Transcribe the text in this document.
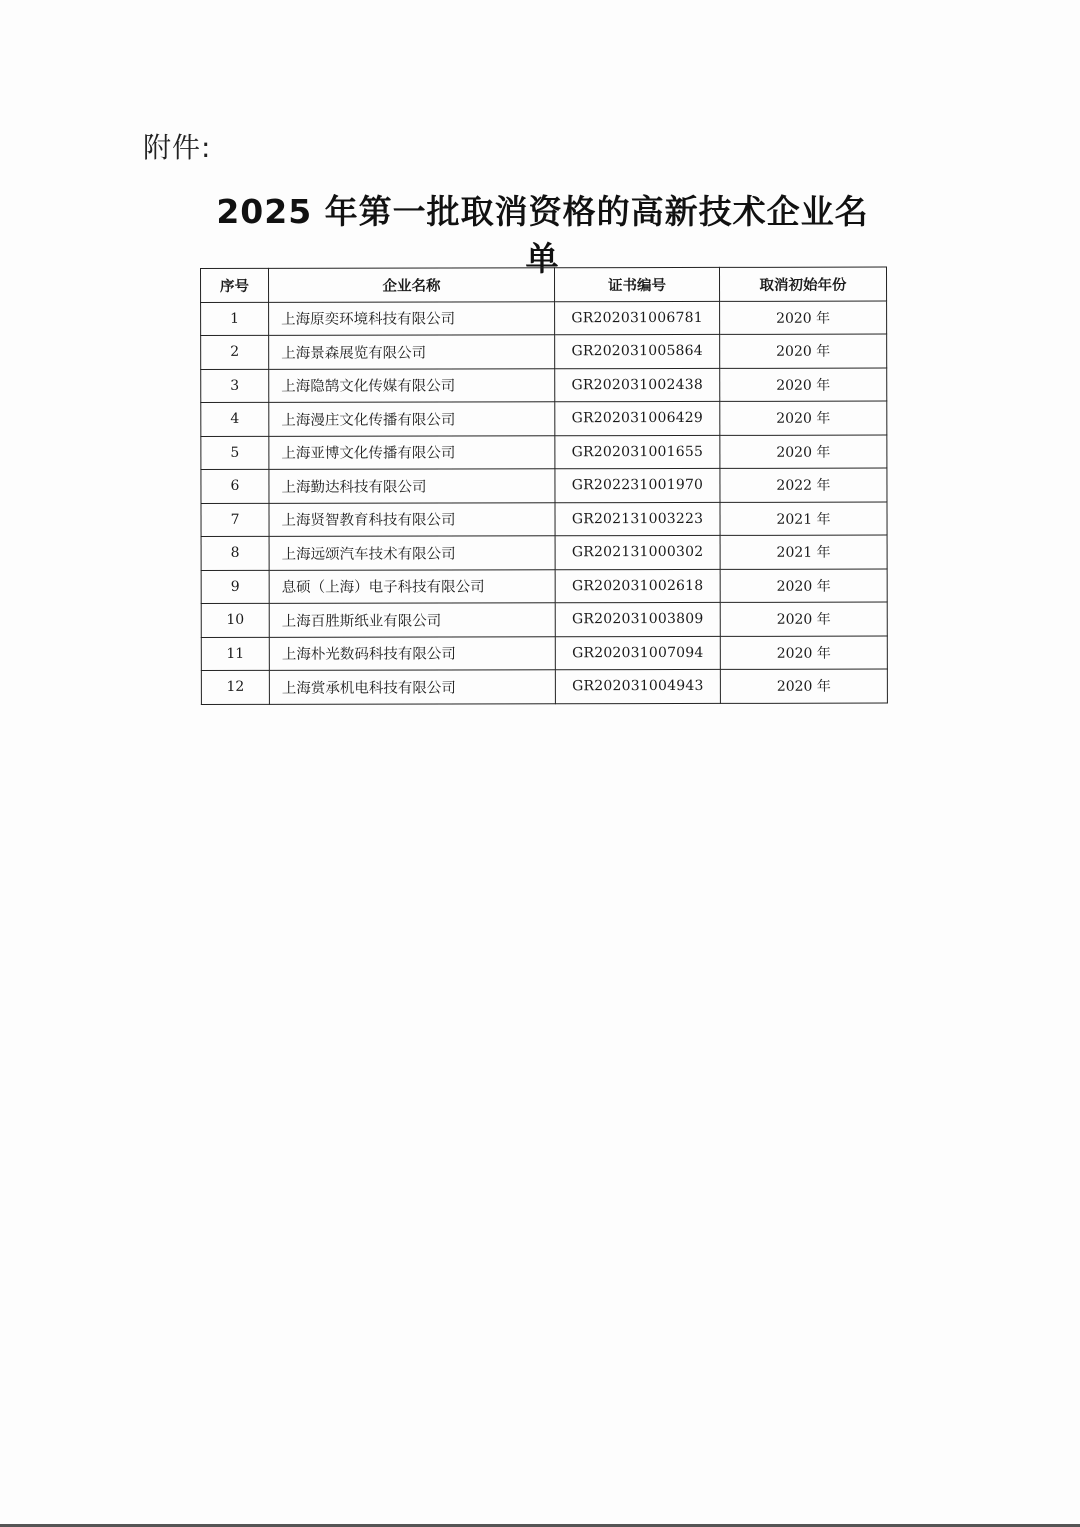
附件:
2025 年第一批取消资格的高新技术企业名单
序号	企业名称	证书编号	取消初始年份
1	上海原奕环境科技有限公司	GR202031006781	2020 年
2	上海景森展览有限公司	GR202031005864	2020 年
3	上海隐鹄文化传媒有限公司	GR202031002438	2020 年
4	上海漫庄文化传播有限公司	GR202031006429	2020 年
5	上海亚博文化传播有限公司	GR202031001655	2020 年
6	上海勤达科技有限公司	GR202231001970	2022 年
7	上海贤智教育科技有限公司	GR202131003223	2021 年
8	上海远颂汽车技术有限公司	GR202131000302	2021 年
9	息硕（上海）电子科技有限公司	GR202031002618	2020 年
10	上海百胜斯纸业有限公司	GR202031003809	2020 年
11	上海朴光数码科技有限公司	GR202031007094	2020 年
12	上海赏承机电科技有限公司	GR202031004943	2020 年
